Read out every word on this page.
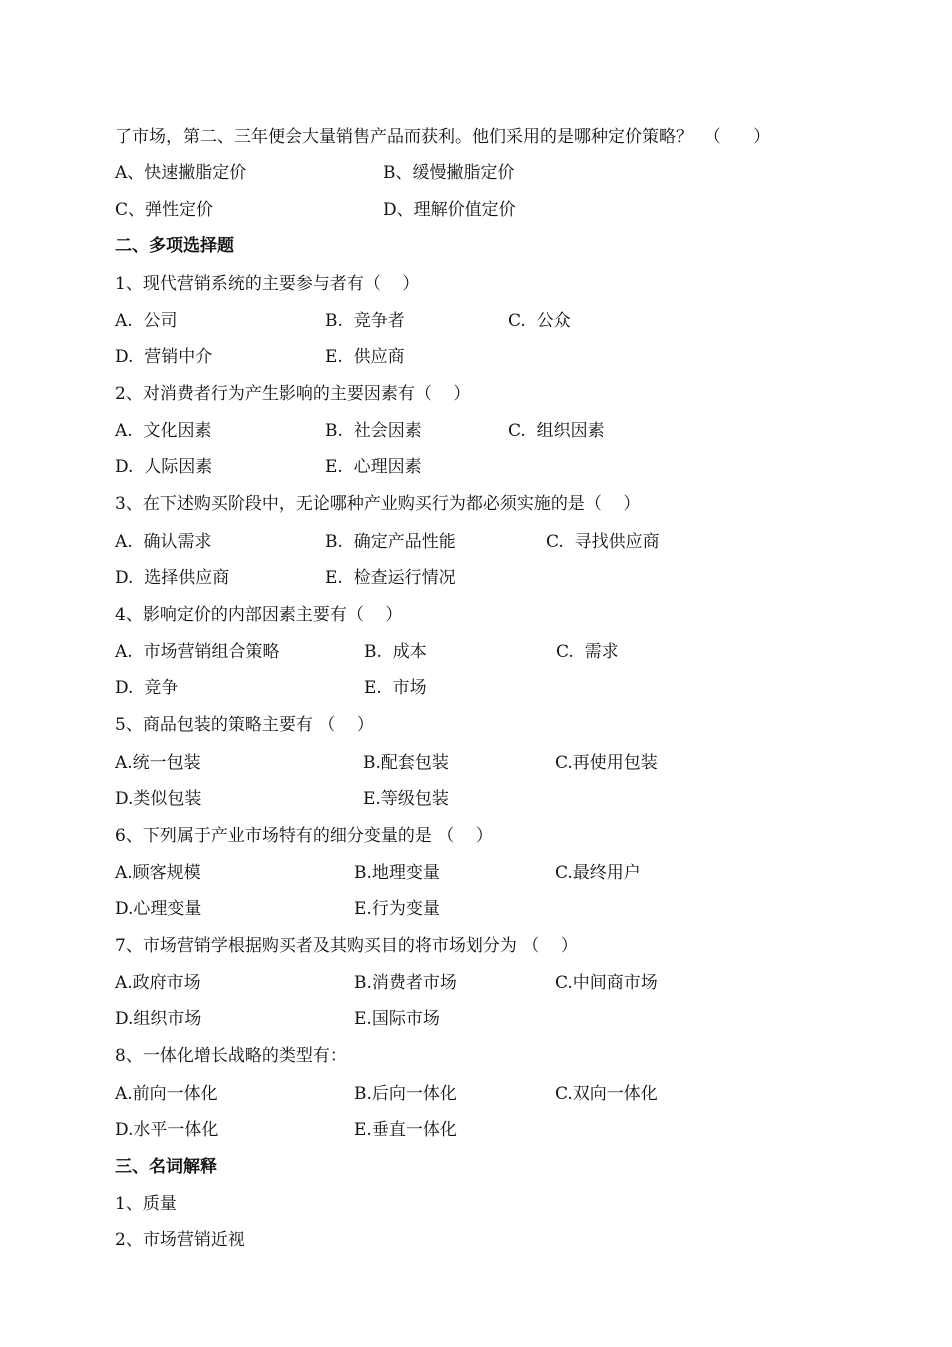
了市场，第二、三年便会大量销售产品而获利。他们采用的是哪种定价策略？  （      ）
A、快速撇脂定价	B、缓慢撇脂定价
C、弹性定价	D、理解价值定价
二、多项选择题
1、现代营销系统的主要参与者有（    ）
A.  公司	B.  竞争者	C.  公众
D.  营销中介	E.  供应商
2、对消费者行为产生影响的主要因素有（    ）
A.  文化因素	B.  社会因素	C.  组织因素
D.  人际因素	E.  心理因素
3、在下述购买阶段中，无论哪种产业购买行为都必须实施的是（    ）
A.  确认需求	B.  确定产品性能	C.  寻找供应商
D.  选择供应商	E.  检查运行情况
4、影响定价的内部因素主要有（    ）
A.  市场营销组合策略	B.  成本	C.  需求
D.  竞争	E.  市场
5、商品包装的策略主要有 （    ）
A.统一包装	B.配套包装	C.再使用包装
D.类似包装	E.等级包装
6、下列属于产业市场特有的细分变量的是 （    ）
A.顾客规模	B.地理变量	C.最终用户
D.心理变量	E.行为变量
7、市场营销学根据购买者及其购买目的将市场划分为 （    ）
A.政府市场	B.消费者市场	C.中间商市场
D.组织市场	E.国际市场
8、一体化增长战略的类型有：
A.前向一体化	B.后向一体化	C.双向一体化
D.水平一体化	E.垂直一体化
三、名词解释
1、质量
2、市场营销近视
